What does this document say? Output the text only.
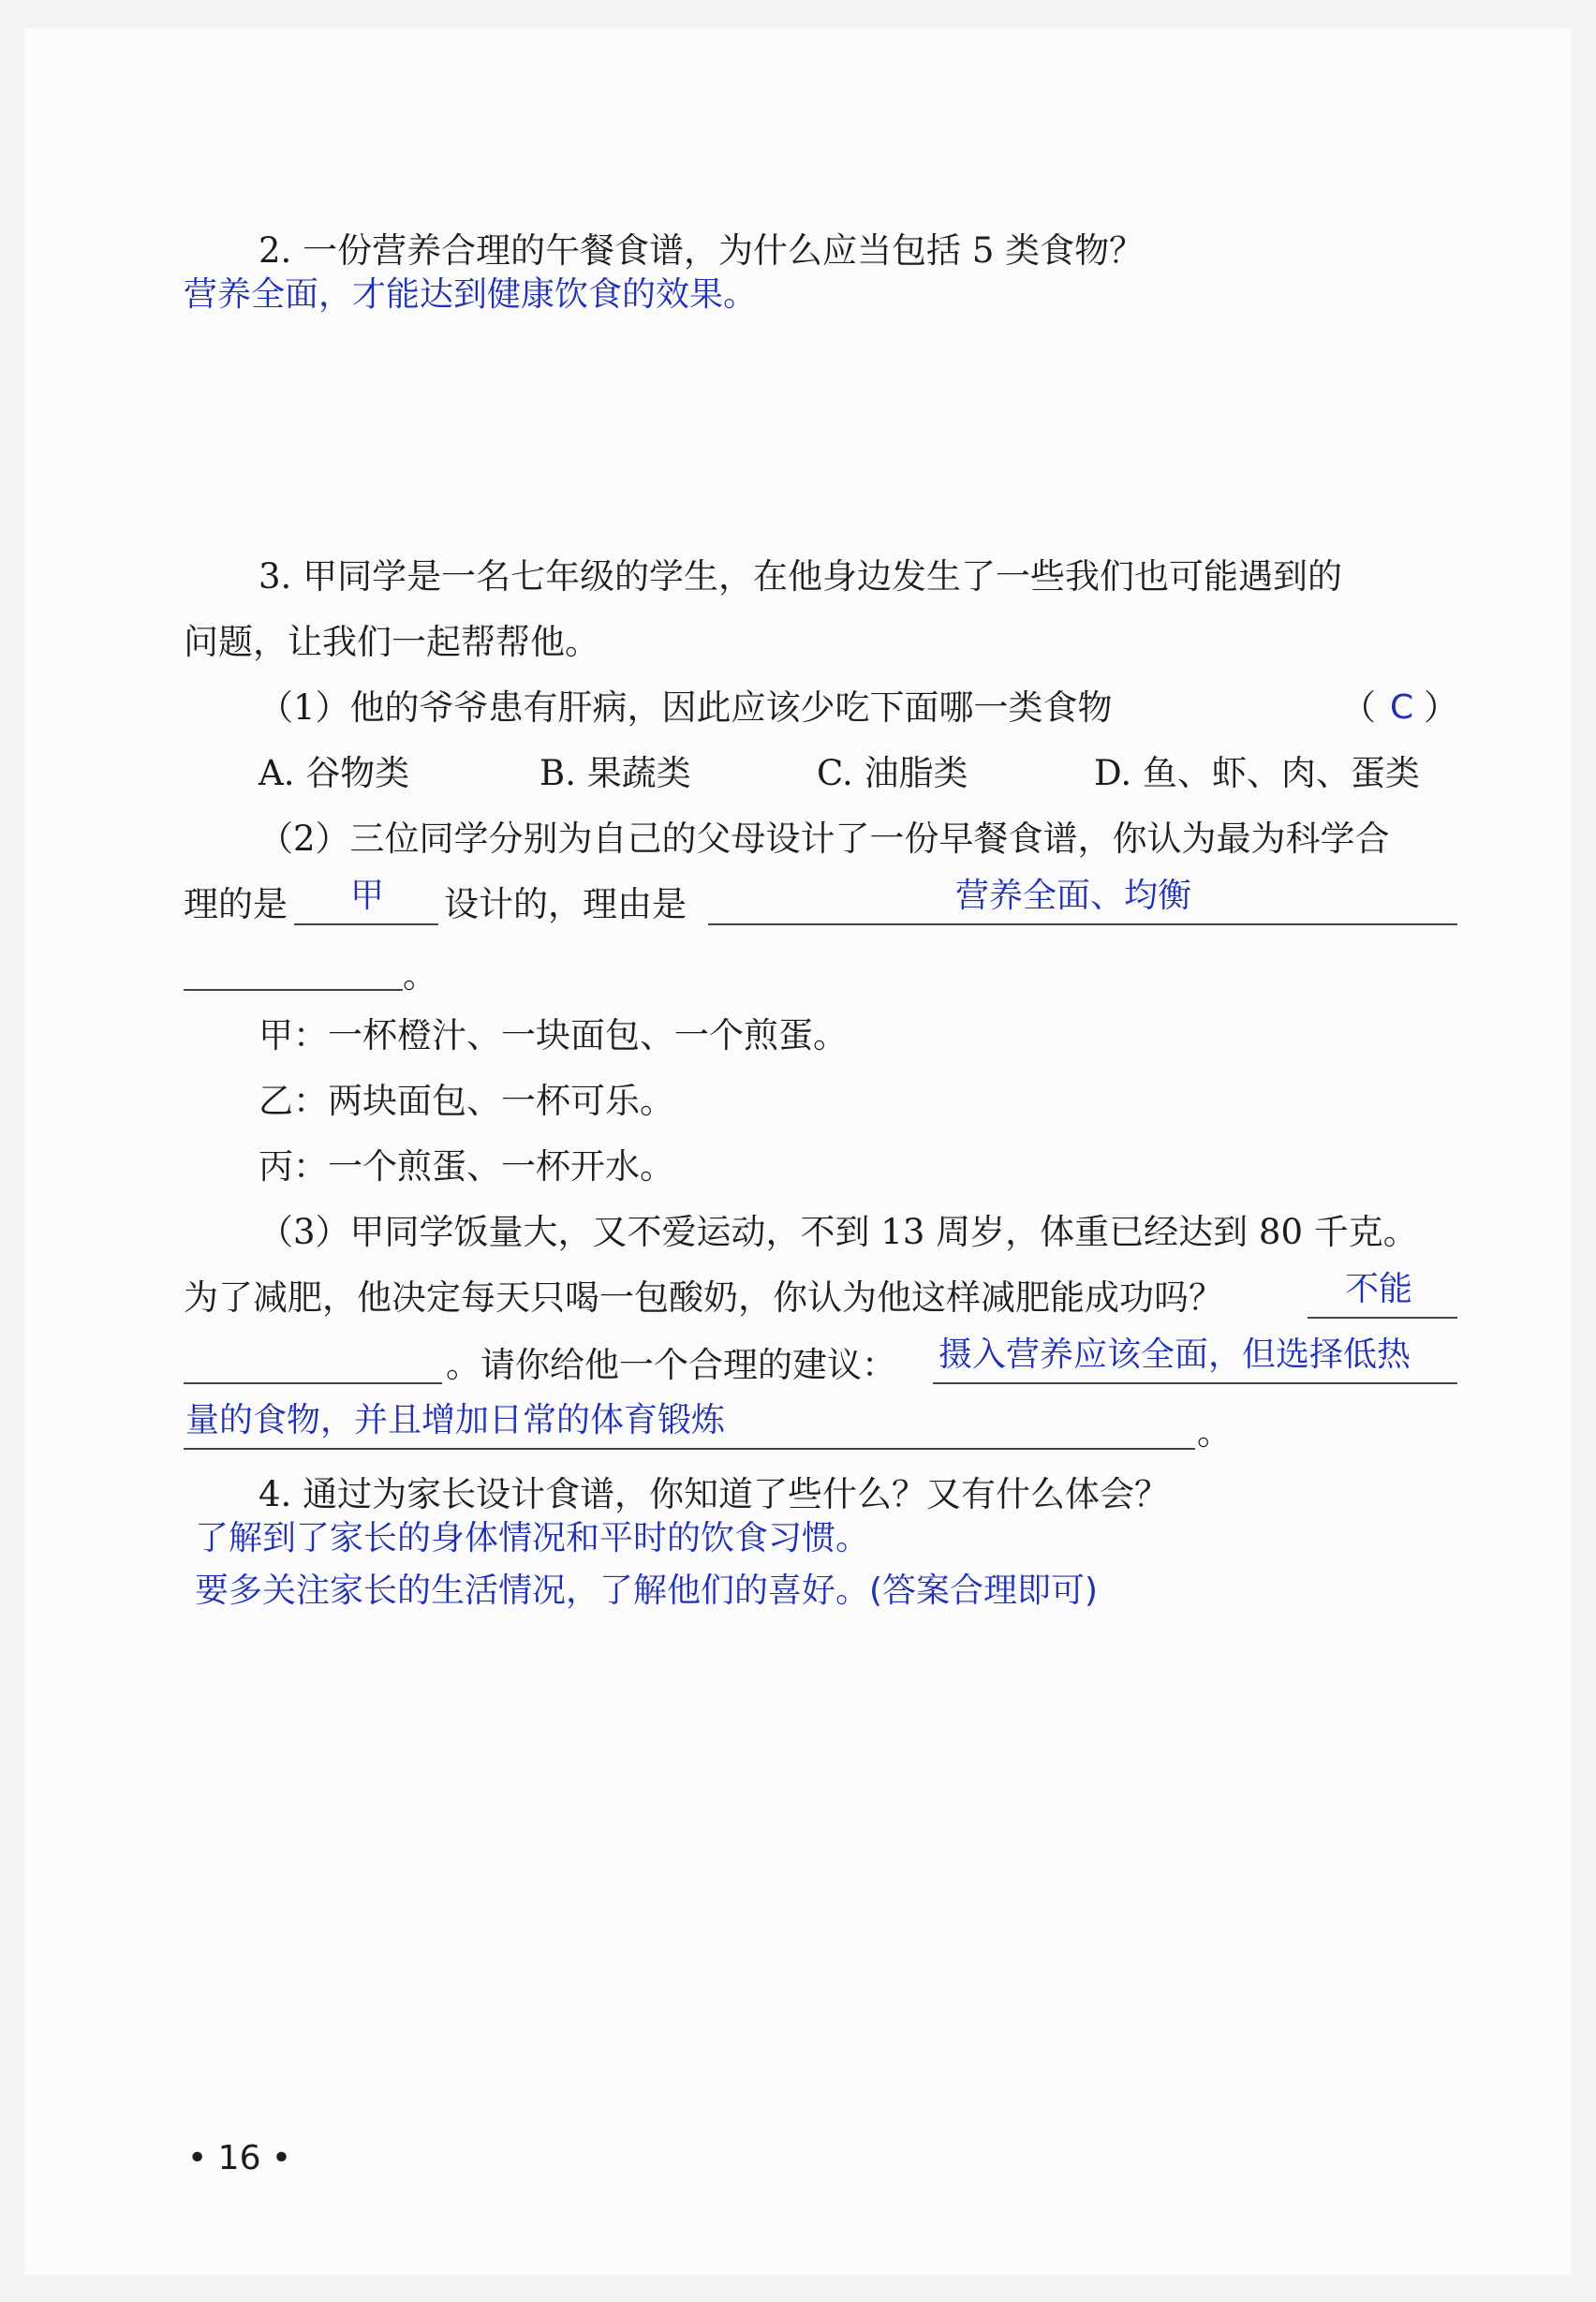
2. 一份营养合理的午餐食谱，为什么应当包括 5 类食物？
营养全面，才能达到健康饮食的效果。
3. 甲同学是一名七年级的学生，在他身边发生了一些我们也可能遇到的
问题，让我们一起帮帮他。
（1）他的爷爷患有肝病，因此应该少吃下面哪一类食物	（ C ）
A. 谷物类	B. 果蔬类	C. 油脂类	D. 鱼、虾、肉、蛋类
（2）三位同学分别为自己的父母设计了一份早餐食谱，你认为最为科学合
理的是 甲 设计的，理由是	营养全面、均衡
。
甲：一杯橙汁、一块面包、一个煎蛋。
乙：两块面包、一杯可乐。
丙：一个煎蛋、一杯开水。
（3）甲同学饭量大，又不爱运动，不到 13 周岁，体重已经达到 80 千克。
为了减肥，他决定每天只喝一包酸奶，你认为他这样减肥能成功吗？	不能
。请你给他一个合理的建议： 摄入营养应该全面，但选择低热
量的食物，并且增加日常的体育锻炼	。
4. 通过为家长设计食谱，你知道了些什么？又有什么体会？
了解到了家长的身体情况和平时的饮食习惯。
要多关注家长的生活情况，了解他们的喜好。(答案合理即可)
• 16 •
